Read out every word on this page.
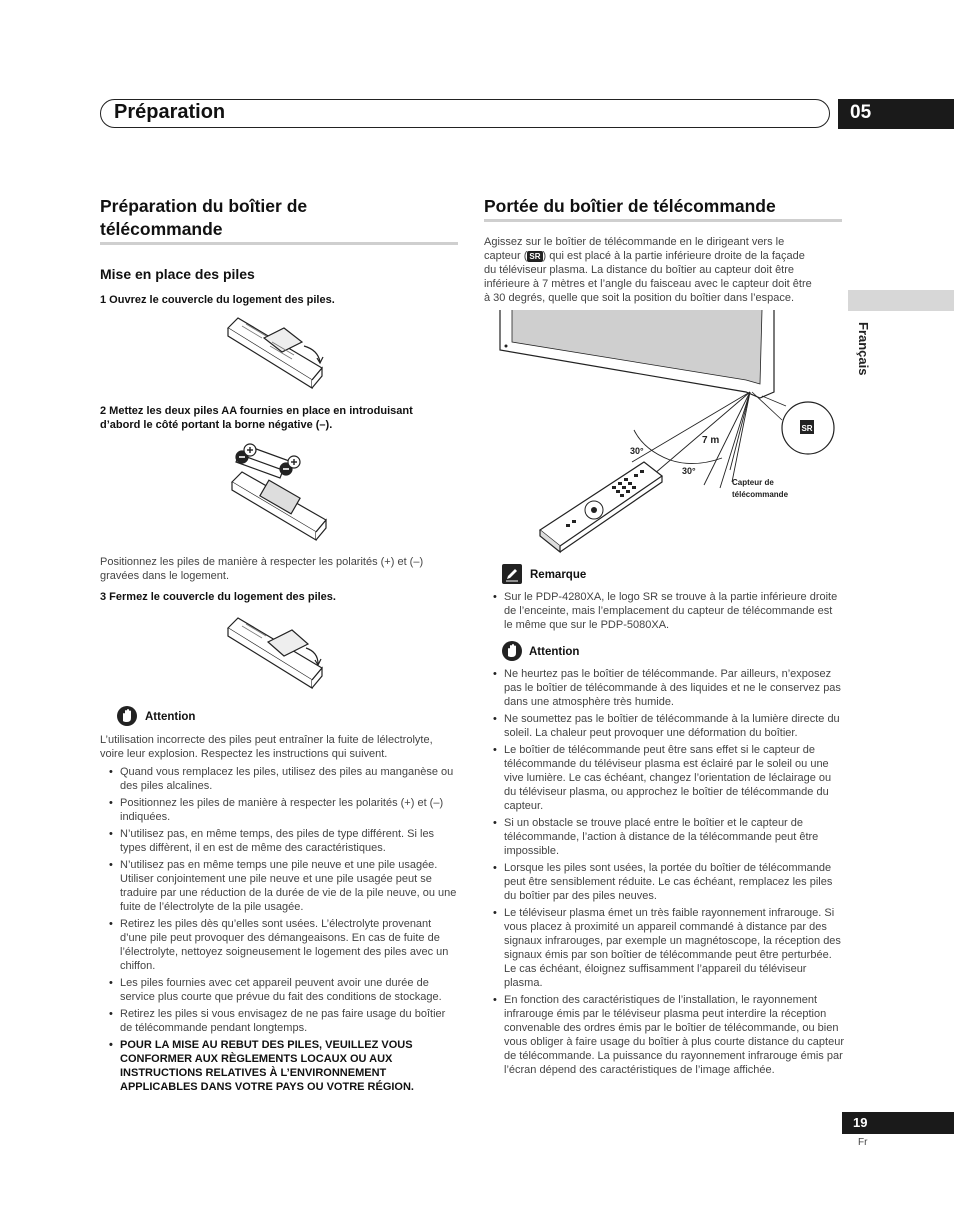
Préparation	05
Français
Préparation du boîtier de
télécommande
Mise en place des piles
1 Ouvrez le couvercle du logement des piles.
2 Mettez les deux piles AA fournies en place en introduisant
d’abord le côté portant la borne négative (–).
Positionnez les piles de manière à respecter les polarités (+) et (–)
gravées dans le logement.
3 Fermez le couvercle du logement des piles.
Attention
L’utilisation incorrecte des piles peut entraîner la fuite de lélectrolyte,
voire leur explosion. Respectez les instructions qui suivent.
• Quand vous remplacez les piles, utilisez des piles au manganèse ou des piles alcalines.
• Positionnez les piles de manière à respecter les polarités (+) et (–) indiquées.
• N’utilisez pas, en même temps, des piles de type différent. Si les types diffèrent, il en est de même des caractéristiques.
• N’utilisez pas en même temps une pile neuve et une pile usagée. Utiliser conjointement une pile neuve et une pile usagée peut se traduire par une réduction de la durée de vie de la pile neuve, ou une fuite de l’électrolyte de la pile usagée.
• Retirez les piles dès qu’elles sont usées. L’électrolyte provenant d’une pile peut provoquer des démangeaisons. En cas de fuite de l’électrolyte, nettoyez soigneusement le logement des piles avec un chiffon.
• Les piles fournies avec cet appareil peuvent avoir une durée de service plus courte que prévue du fait des conditions de stockage.
• Retirez les piles si vous envisagez de ne pas faire usage du boîtier de télécommande pendant longtemps.
• POUR LA MISE AU REBUT DES PILES, VEUILLEZ VOUS CONFORMER AUX RÈGLEMENTS LOCAUX OU AUX INSTRUCTIONS RELATIVES À L’ENVIRONNEMENT APPLICABLES DANS VOTRE PAYS OU VOTRE RÉGION.
Portée du boîtier de télécommande
Agissez sur le boîtier de télécommande en le dirigeant vers le
capteur ( SR ) qui est placé à la partie inférieure droite de la façade
du téléviseur plasma. La distance du boîtier au capteur doit être
inférieure à 7 mètres et l’angle du faisceau avec le capteur doit être
à 30 degrés, quelle que soit la position du boîtier dans l’espace.
SR
30°
30°
7 m
Capteur de
télécommande
Remarque
• Sur le PDP-4280XA, le logo SR se trouve à la partie inférieure droite de l’enceinte, mais l’emplacement du capteur de télécommande est le même que sur le PDP-5080XA.
Attention
• Ne heurtez pas le boîtier de télécommande. Par ailleurs, n’exposez pas le boîtier de télécommande à des liquides et ne le conservez pas dans une atmosphère très humide.
• Ne soumettez pas le boîtier de télécommande à la lumière directe du soleil. La chaleur peut provoquer une déformation du boîtier.
• Le boîtier de télécommande peut être sans effet si le capteur de télécommande du téléviseur plasma est éclairé par le soleil ou une vive lumière. Le cas échéant, changez l’orientation de léclairage ou du téléviseur plasma, ou approchez le boîtier de télécommande du capteur.
• Si un obstacle se trouve placé entre le boîtier et le capteur de télécommande, l’action à distance de la télécommande peut être impossible.
• Lorsque les piles sont usées, la portée du boîtier de télécommande peut être sensiblement réduite. Le cas échéant, remplacez les piles du boîtier par des piles neuves.
• Le téléviseur plasma émet un très faible rayonnement infrarouge. Si vous placez à proximité un appareil commandé à distance par des signaux infrarouges, par exemple un magnétoscope, la réception des signaux émis par son boîtier de télécommande peut être perturbée. Le cas échéant, éloignez suffisamment l’appareil du téléviseur plasma.
• En fonction des caractéristiques de l’installation, le rayonnement infrarouge émis par le téléviseur plasma peut interdire la réception convenable des ordres émis par le boîtier de télécommande, ou bien vous obliger à faire usage du boîtier à plus courte distance du capteur de télécommande. La puissance du rayonnement infrarouge émis par l’écran dépend des caractéristiques de l’image affichée.
19
Fr
